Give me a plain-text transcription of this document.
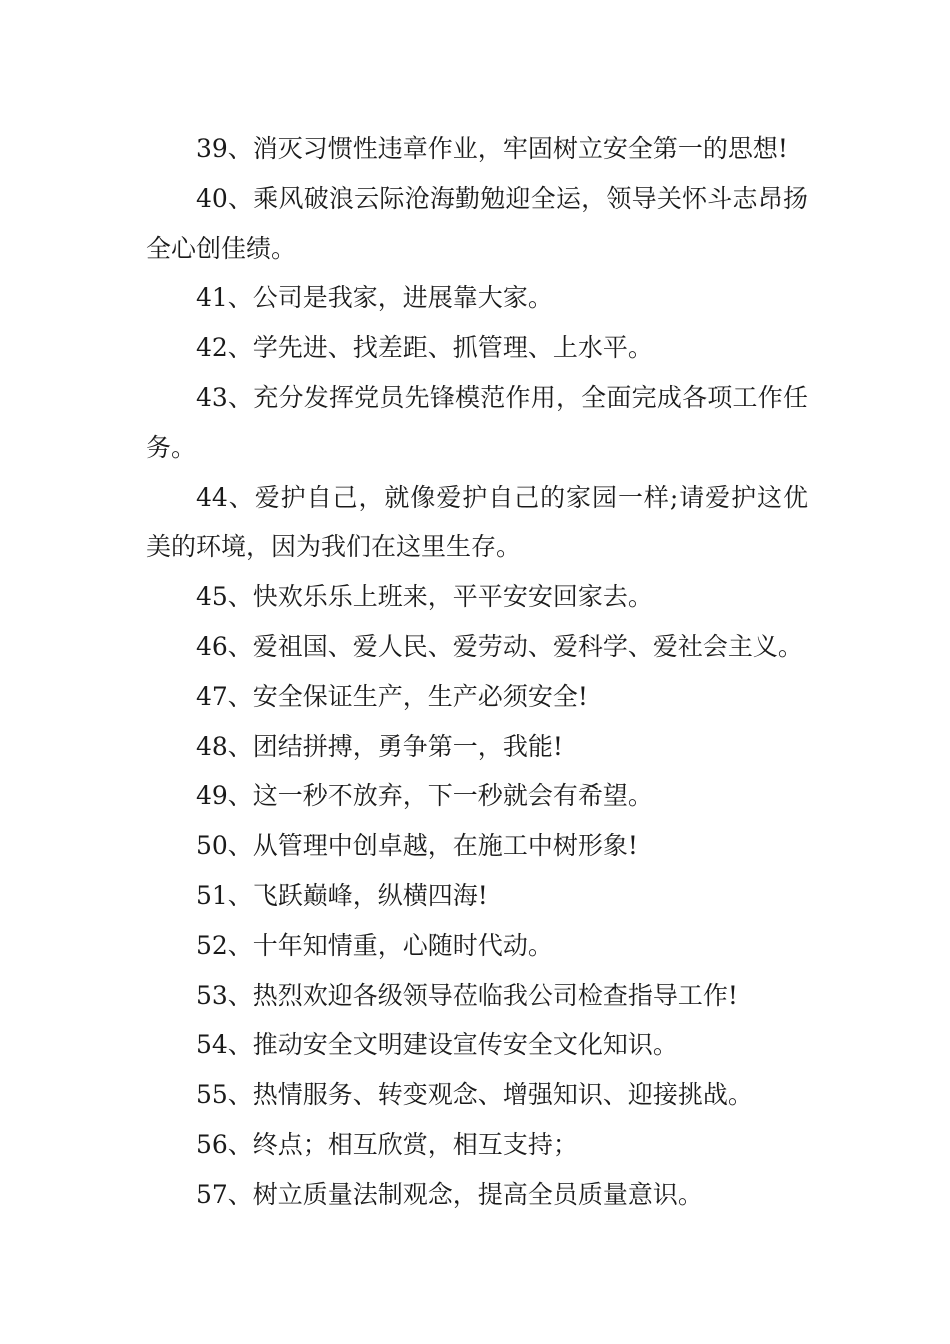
39、消灭习惯性违章作业，牢固树立安全第一的思想!

40、乘风破浪云际沧海勤勉迎全运，领导关怀斗志昂扬全心创佳绩。

41、公司是我家，进展靠大家。

42、学先进、找差距、抓管理、上水平。

43、充分发挥党员先锋模范作用，全面完成各项工作任务。

44、爱护自己，就像爱护自己的家园一样;请爱护这优美的环境，因为我们在这里生存。

45、快欢乐乐上班来，平平安安回家去。

46、爱祖国、爱人民、爱劳动、爱科学、爱社会主义。

47、安全保证生产，生产必须安全!

48、团结拼搏，勇争第一，我能!

49、这一秒不放弃，下一秒就会有希望。

50、从管理中创卓越，在施工中树形象!

51、飞跃巅峰，纵横四海!

52、十年知情重，心随时代动。

53、热烈欢迎各级领导莅临我公司检查指导工作!

54、推动安全文明建设宣传安全文化知识。

55、热情服务、转变观念、增强知识、迎接挑战。

56、终点；相互欣赏，相互支持；

57、树立质量法制观念，提高全员质量意识。
